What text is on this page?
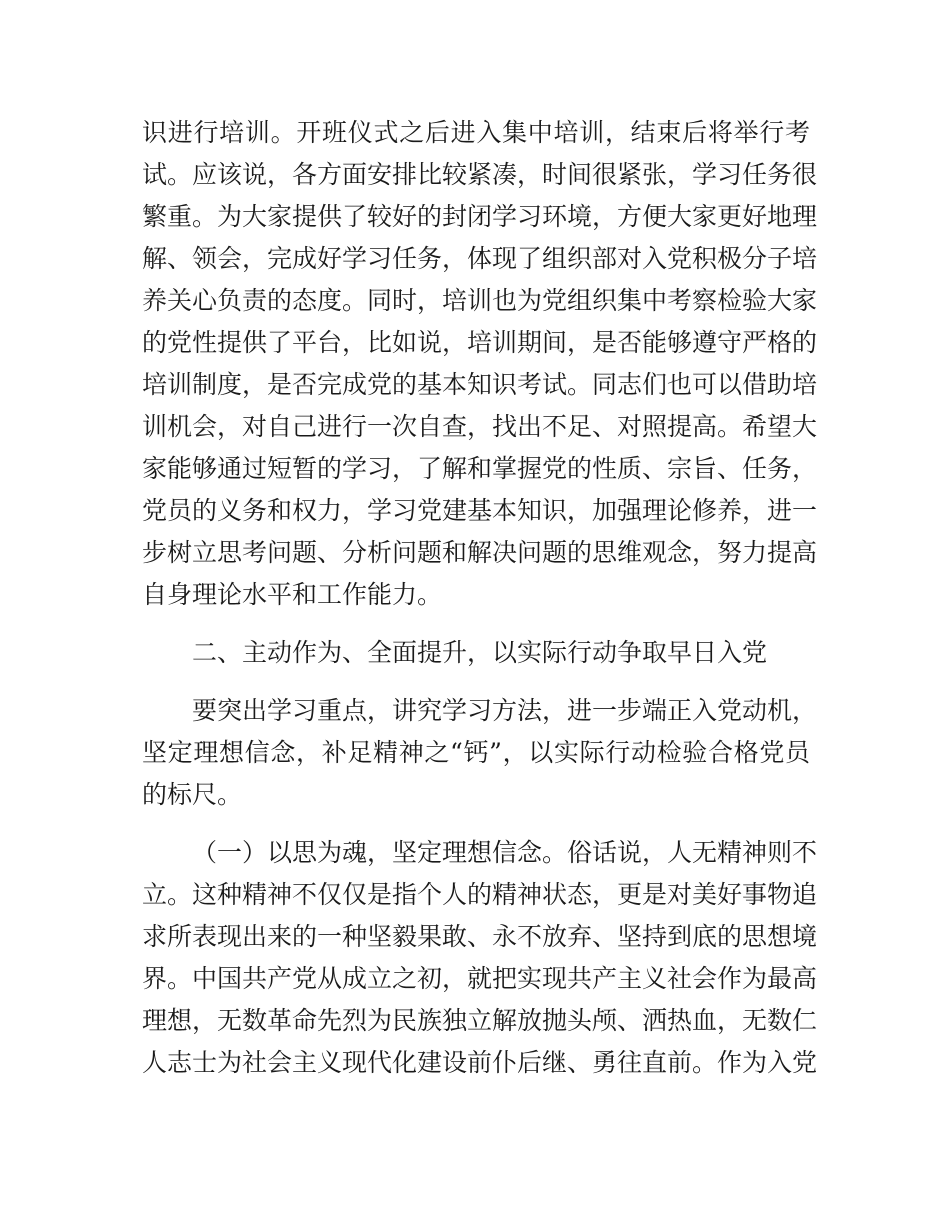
识进行培训。开班仪式之后进入集中培训，结束后将举行考
试。应该说，各方面安排比较紧凑，时间很紧张，学习任务很
繁重。为大家提供了较好的封闭学习环境，方便大家更好地理
解、领会，完成好学习任务，体现了组织部对入党积极分子培
养关心负责的态度。同时，培训也为党组织集中考察检验大家
的党性提供了平台，比如说，培训期间，是否能够遵守严格的
培训制度，是否完成党的基本知识考试。同志们也可以借助培
训机会，对自己进行一次自查，找出不足、对照提高。希望大
家能够通过短暂的学习，了解和掌握党的性质、宗旨、任务，
党员的义务和权力，学习党建基本知识，加强理论修养，进一
步树立思考问题、分析问题和解决问题的思维观念，努力提高
自身理论水平和工作能力。
二、主动作为、全面提升，以实际行动争取早日入党
要突出学习重点，讲究学习方法，进一步端正入党动机，
坚定理想信念，补足精神之“钙”，以实际行动检验合格党员
的标尺。
（一）以思为魂，坚定理想信念。俗话说，人无精神则不
立。这种精神不仅仅是指个人的精神状态，更是对美好事物追
求所表现出来的一种坚毅果敢、永不放弃、坚持到底的思想境
界。中国共产党从成立之初，就把实现共产主义社会作为最高
理想，无数革命先烈为民族独立解放抛头颅、洒热血，无数仁
人志士为社会主义现代化建设前仆后继、勇往直前。作为入党
